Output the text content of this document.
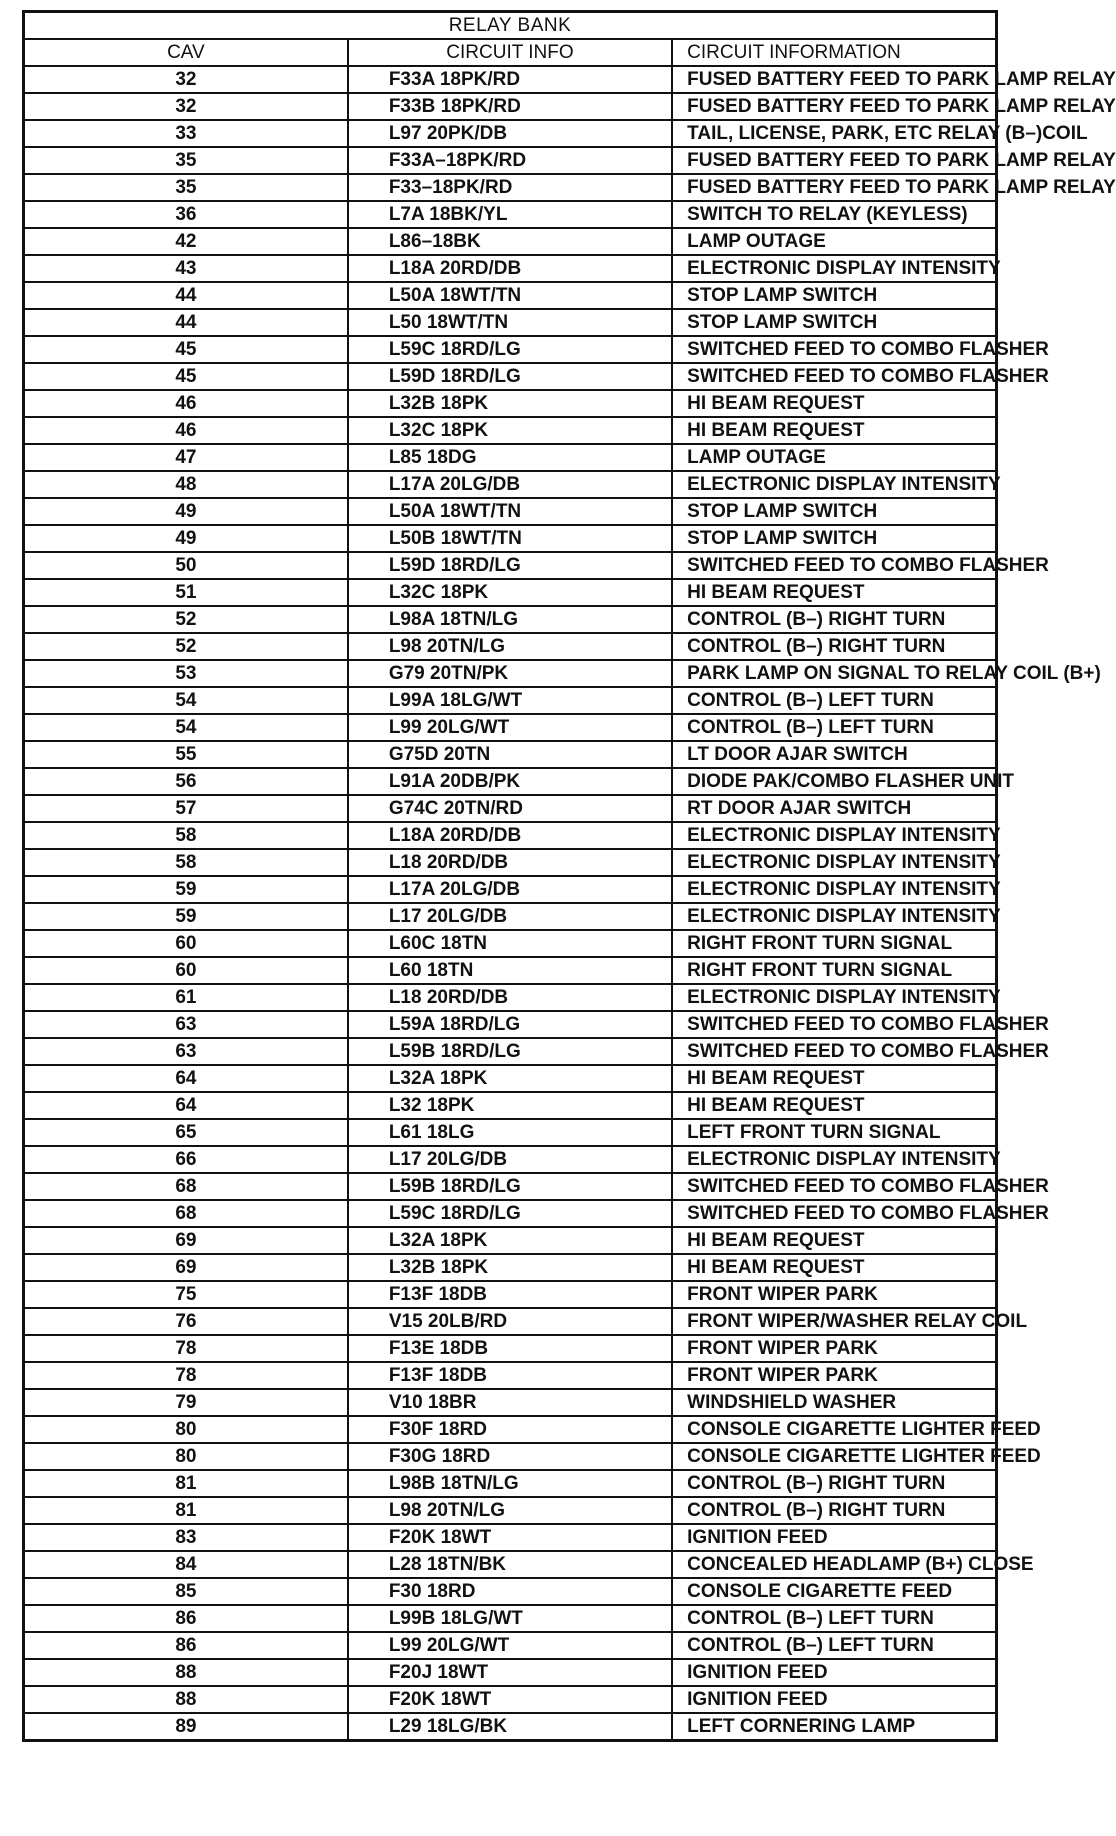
RELAY BANK		
CAV	CIRCUIT INFO	CIRCUIT INFORMATION
32	F33A 18PK/RD	FUSED BATTERY FEED TO PARK LAMP RELAY
32	F33B 18PK/RD	FUSED BATTERY FEED TO PARK LAMP RELAY
33	L97 20PK/DB	TAIL, LICENSE, PARK, ETC RELAY (B–)COIL
35	F33A–18PK/RD	FUSED BATTERY FEED TO PARK LAMP RELAY
35	F33–18PK/RD	FUSED BATTERY FEED TO PARK LAMP RELAY
36	L7A 18BK/YL	SWITCH TO RELAY (KEYLESS)
42	L86–18BK	LAMP OUTAGE
43	L18A 20RD/DB	ELECTRONIC DISPLAY INTENSITY
44	L50A 18WT/TN	STOP LAMP SWITCH
44	L50 18WT/TN	STOP LAMP SWITCH
45	L59C 18RD/LG	SWITCHED FEED TO COMBO FLASHER
45	L59D 18RD/LG	SWITCHED FEED TO COMBO FLASHER
46	L32B 18PK	HI BEAM REQUEST
46	L32C 18PK	HI BEAM REQUEST
47	L85 18DG	LAMP OUTAGE
48	L17A 20LG/DB	ELECTRONIC DISPLAY INTENSITY
49	L50A 18WT/TN	STOP LAMP SWITCH
49	L50B 18WT/TN	STOP LAMP SWITCH
50	L59D 18RD/LG	SWITCHED FEED TO COMBO FLASHER
51	L32C 18PK	HI BEAM REQUEST
52	L98A 18TN/LG	CONTROL (B–) RIGHT TURN
52	L98 20TN/LG	CONTROL (B–) RIGHT TURN
53	G79 20TN/PK	PARK LAMP ON SIGNAL TO RELAY COIL (B+)
54	L99A 18LG/WT	CONTROL (B–) LEFT TURN
54	L99 20LG/WT	CONTROL (B–) LEFT TURN
55	G75D 20TN	LT DOOR AJAR SWITCH
56	L91A 20DB/PK	DIODE PAK/COMBO FLASHER UNIT
57	G74C 20TN/RD	RT DOOR AJAR SWITCH
58	L18A 20RD/DB	ELECTRONIC DISPLAY INTENSITY
58	L18 20RD/DB	ELECTRONIC DISPLAY INTENSITY
59	L17A 20LG/DB	ELECTRONIC DISPLAY INTENSITY
59	L17 20LG/DB	ELECTRONIC DISPLAY INTENSITY
60	L60C 18TN	RIGHT FRONT TURN SIGNAL
60	L60 18TN	RIGHT FRONT TURN SIGNAL
61	L18 20RD/DB	ELECTRONIC DISPLAY INTENSITY
63	L59A 18RD/LG	SWITCHED FEED TO COMBO FLASHER
63	L59B 18RD/LG	SWITCHED FEED TO COMBO FLASHER
64	L32A 18PK	HI BEAM REQUEST
64	L32 18PK	HI BEAM REQUEST
65	L61 18LG	LEFT FRONT TURN SIGNAL
66	L17 20LG/DB	ELECTRONIC DISPLAY INTENSITY
68	L59B 18RD/LG	SWITCHED FEED TO COMBO FLASHER
68	L59C 18RD/LG	SWITCHED FEED TO COMBO FLASHER
69	L32A 18PK	HI BEAM REQUEST
69	L32B 18PK	HI BEAM REQUEST
75	F13F 18DB	FRONT WIPER PARK
76	V15 20LB/RD	FRONT WIPER/WASHER RELAY COIL
78	F13E 18DB	FRONT WIPER PARK
78	F13F 18DB	FRONT WIPER PARK
79	V10 18BR	WINDSHIELD WASHER
80	F30F 18RD	CONSOLE CIGARETTE LIGHTER FEED
80	F30G 18RD	CONSOLE CIGARETTE LIGHTER FEED
81	L98B 18TN/LG	CONTROL (B–) RIGHT TURN
81	L98 20TN/LG	CONTROL (B–) RIGHT TURN
83	F20K 18WT	IGNITION FEED
84	L28 18TN/BK	CONCEALED HEADLAMP (B+) CLOSE
85	F30 18RD	CONSOLE CIGARETTE FEED
86	L99B 18LG/WT	CONTROL (B–) LEFT TURN
86	L99 20LG/WT	CONTROL (B–) LEFT TURN
88	F20J 18WT	IGNITION FEED
88	F20K 18WT	IGNITION FEED
89	L29 18LG/BK	LEFT CORNERING LAMP
